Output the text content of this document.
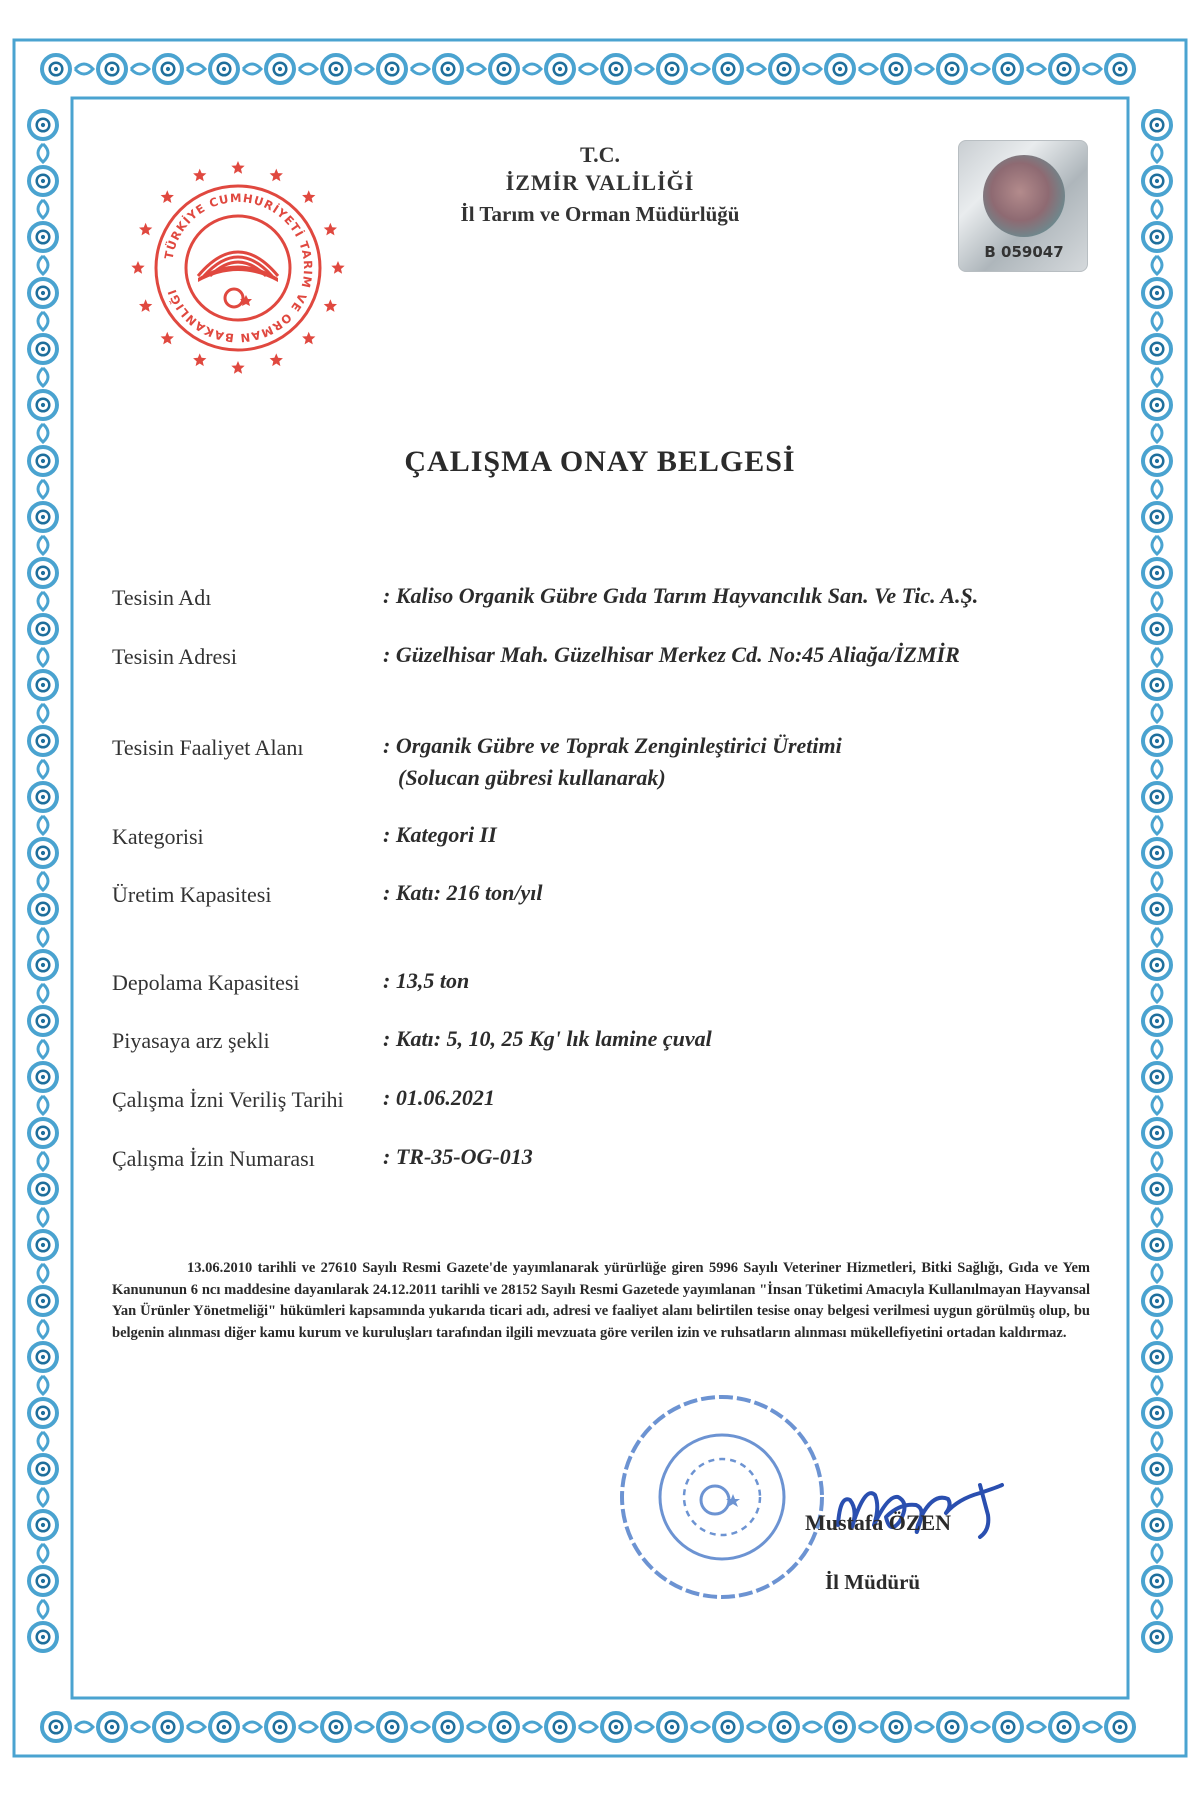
TÜRKİYE CUMHURİYETİ TARIM VE ORMAN BAKANLIĞI
B 059047
T.C.
İZMİR VALİLİĞİ
İl Tarım ve Orman Müdürlüğü
ÇALIŞMA ONAY BELGESİ
Tesisin Adı	: Kaliso Organik Gübre Gıda Tarım Hayvancılık San. Ve Tic. A.Ş.
Tesisin Adresi	: Güzelhisar Mah. Güzelhisar Merkez Cd. No:45 Aliağa/İZMİR
Tesisin Faaliyet Alanı	: Organik Gübre ve Toprak Zenginleştirici Üretimi
(Solucan gübresi kullanarak)
Kategorisi	: Kategori II
Üretim Kapasitesi	: Katı: 216 ton/yıl
Depolama Kapasitesi	: 13,5 ton
Piyasaya arz şekli	: Katı: 5, 10, 25 Kg' lık lamine çuval
Çalışma İzni Veriliş Tarihi : 01.06.2021
Çalışma İzin Numarası	: TR-35-OG-013
13.06.2010 tarihli ve 27610 Sayılı Resmi Gazete'de yayımlanarak yürürlüğe giren 5996 Sayılı Veteriner Hizmetleri, Bitki Sağlığı, Gıda ve Yem Kanununun 6 ncı maddesine dayanılarak 24.12.2011 tarihli ve 28152 Sayılı Resmi Gazetede yayımlanan "İnsan Tüketimi Amacıyla Kullanılmayan Hayvansal Yan Ürünler Yönetmeliği" hükümleri kapsamında yukarıda ticari adı, adresi ve faaliyet alanı belirtilen tesise onay belgesi verilmesi uygun görülmüş olup, bu belgenin alınması diğer kamu kurum ve kuruluşları tarafından ilgili mevzuata göre verilen izin ve ruhsatların alınması mükellefiyetini ortadan kaldırmaz.
Mustafa ÖZEN
İl Müdürü
